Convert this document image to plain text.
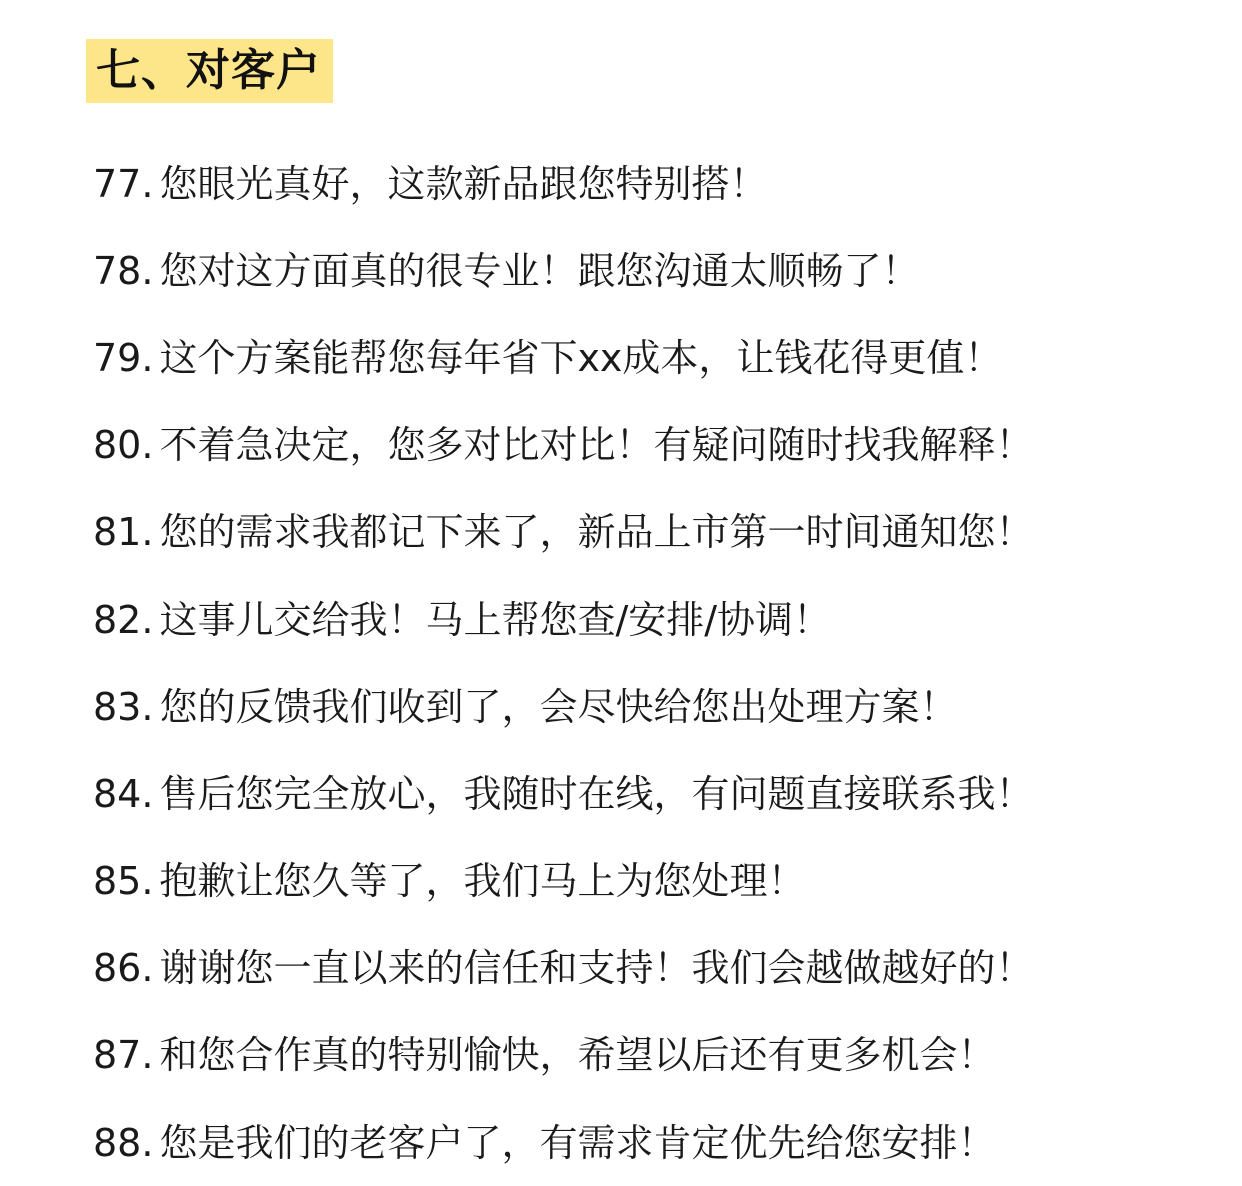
七、对客户
77. 您眼光真好，这款新品跟您特别搭！
78. 您对这方面真的很专业！跟您沟通太顺畅了！
79. 这个方案能帮您每年省下xx成本，让钱花得更值！
80. 不着急决定，您多对比对比！有疑问随时找我解释！
81. 您的需求我都记下来了，新品上市第一时间通知您！
82. 这事儿交给我！马上帮您查/安排/协调！
83. 您的反馈我们收到了，会尽快给您出处理方案！
84. 售后您完全放心，我随时在线，有问题直接联系我！
85. 抱歉让您久等了，我们马上为您处理！
86. 谢谢您一直以来的信任和支持！我们会越做越好的！
87. 和您合作真的特别愉快，希望以后还有更多机会！
88. 您是我们的老客户了，有需求肯定优先给您安排！
